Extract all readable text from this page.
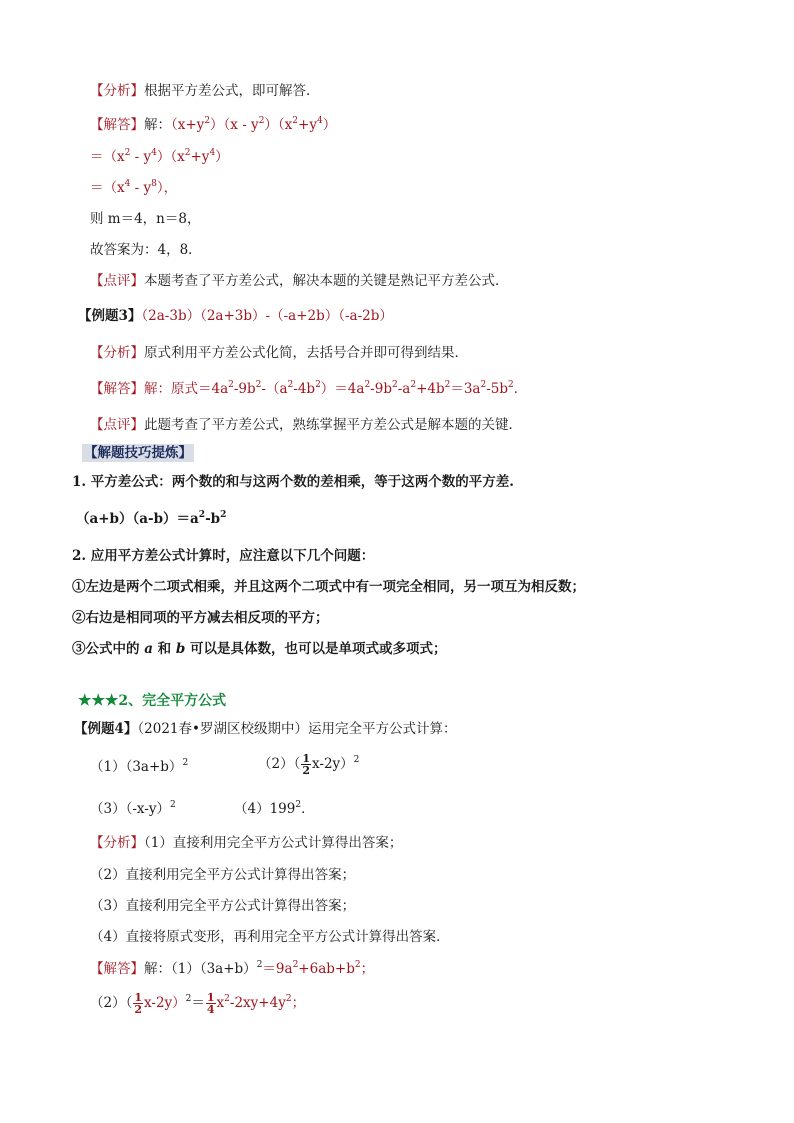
【分析】根据平方差公式，即可解答．
【解答】解：$(x+y^2)(x - y^2)(x^2+y^4)$
$=(x^2 - y^4)(x^2+y^4)$
$=(x^4 - y^8)$，
则 m＝4，n＝8，
故答案为：4，8．
【点评】本题考查了平方差公式，解决本题的关键是熟记平方差公式．
【例题3】（2a-3b）（2a+3b）-（-a+2b）（-a-2b）
【分析】原式利用平方差公式化简，去括号合并即可得到结果．
【解答】解：原式$=4a^2-9b^2-(a^2-4b^2)=4a^2-9b^2-a^2+4b^2=3a^2-5b^2$．
【点评】此题考查了平方差公式，熟练掌握平方差公式是解本题的关键．
【解题技巧提炼】
1. 平方差公式：两个数的和与这两个数的差相乘，等于这两个数的平方差.
$(a+b)(a-b)=a^2-b^2$
2. 应用平方差公式计算时，应注意以下几个问题：
①左边是两个二项式相乘，并且这两个二项式中有一项完全相同，另一项互为相反数；
②右边是相同项的平方减去相反项的平方；
③公式中的 a 和 b 可以是具体数，也可以是单项式或多项式；
★★★2、完全平方公式
【例题4】（2021春•罗湖区校级期中）运用完全平方公式计算：
$(1)(3a+b)^2$	$(2)( \frac{1}{2} x-2y)^2$
$(3)(-x-y)^2$	$(4)199^2$．
【分析】（1）直接利用完全平方公式计算得出答案；
（2）直接利用完全平方公式计算得出答案；
（3）直接利用完全平方公式计算得出答案；
（4）直接将原式变形，再利用完全平方公式计算得出答案．
【解答】解：$(1)(3a+b)^2=9a^2+6ab+b^2$；
$(2)( \frac{1}{2} x-2y)^2= \frac{1}{4} x^2-2xy+4y^2$；
